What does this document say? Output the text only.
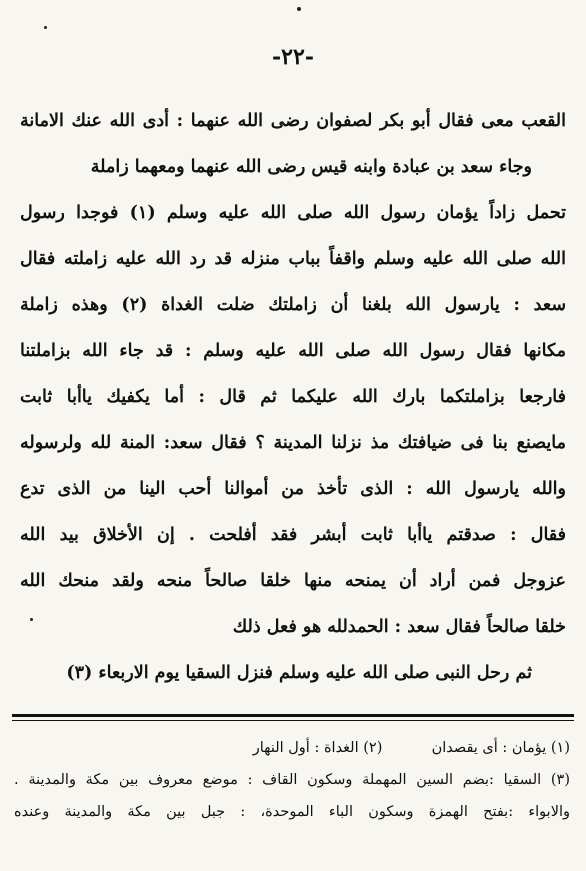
-٢٢-
القعب معى فقال أبو بكر لصفوان رضى الله عنهما : أدى الله عنك الامانة
وجاء سعد بن عبادة وابنه قيس رضى الله عنهما ومعهما زاملة
تحمل زاداً يؤمان رسول الله صلى الله عليه وسلم (١) فوجدا رسول
الله صلى الله عليه وسلم واقفاً بباب منزله قد رد الله عليه زاملته فقال
سعد : يارسول الله بلغنا أن زاملتك ضلت الغداة (٢) وهذه زاملة
مكانها فقال رسول الله صلى الله عليه وسلم : قد جاء الله بزاملتنا
فارجعا بزاملتكما بارك الله عليكما ثم قال : أما يكفيك ياأبا ثابت
مايصنع بنا فى ضيافتك مذ نزلنا المدينة ؟ فقال سعد: المنة لله ولرسوله
والله يارسول الله : الذى تأخذ من أموالنا أحب الينا من الذى تدع
فقال : صدقتم ياأبا ثابت أبشر فقد أفلحت . إن الأخلاق بيد الله
عزوجل فمن أراد أن يمنحه منها خلقا صالحاً منحه ولقد منحك الله
خلقا صالحاً فقال سعد : الحمدلله هو فعل ذلك
ثم رحل النبى صلى الله عليه وسلم فنزل السقيا يوم الاربعاء (٣)
(١) يؤمان : أى يقصدان  (٢) الغداة : أول النهار
(٣) السقيا :بضم السين المهملة وسكون القاف : موضع معروف بين مكة والمدينة .
والابواء :بفتح الهمزة وسكون الباء الموحدة، : جبل بين مكة والمدينة وعنده
